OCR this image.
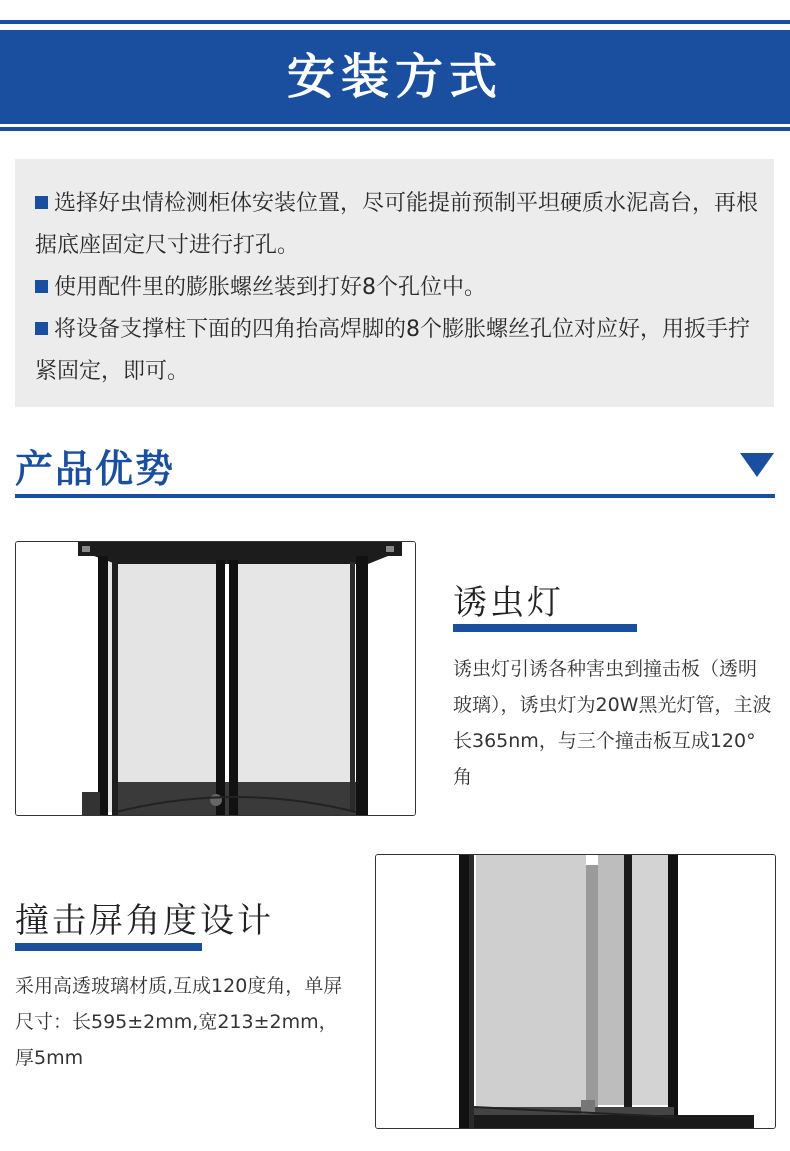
安装方式
选择好虫情检测柜体安装位置，尽可能提前预制平坦硬质水泥高台，再根据底座固定尺寸进行打孔。
使用配件里的膨胀螺丝装到打好8个孔位中。
将设备支撑柱下面的四角抬高焊脚的8个膨胀螺丝孔位对应好，用扳手拧紧固定，即可。
产品优势
诱虫灯
诱虫灯引诱各种害虫到撞击板（透明玻璃），诱虫灯为20W黑光灯管，主波长365nm，与三个撞击板互成120°角
撞击屏角度设计
采用高透玻璃材质,互成120度角，单屏尺寸：长595±2mm,宽213±2mm，厚5mm
